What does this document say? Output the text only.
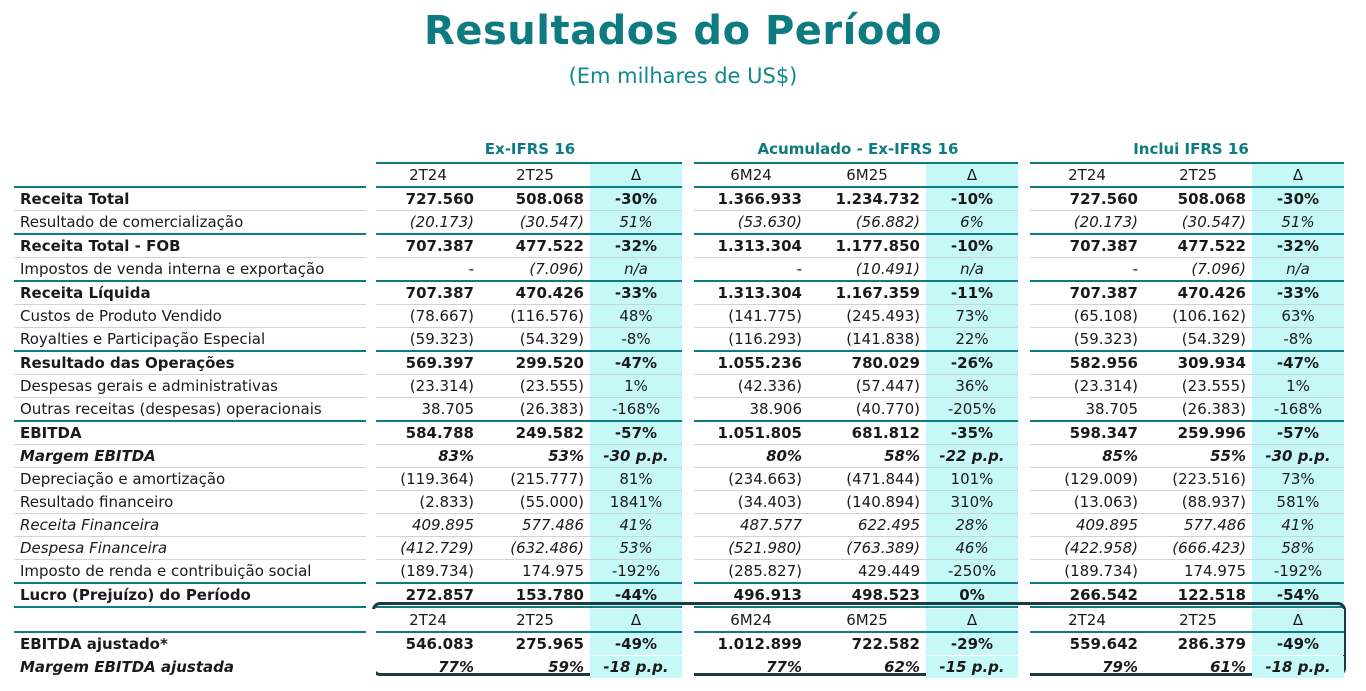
Resultados do Período
(Em milhares de US$)
Ex-IFRS 16	Acumulado - Ex-IFRS 16	Inclui IFRS 16
		2T24	2T25	Δ		6M24	6M25	Δ		2T24	2T25	Δ
Receita Total		727.560	508.068	-30%		1.366.933	1.234.732	-10%		727.560	508.068	-30%
Resultado de comercialização		(20.173)	(30.547)	51%		(53.630)	(56.882)	6%		(20.173)	(30.547)	51%
Receita Total - FOB		707.387	477.522	-32%		1.313.304	1.177.850	-10%		707.387	477.522	-32%
Impostos de venda interna e exportação		-	(7.096)	n/a		-	(10.491)	n/a		-	(7.096)	n/a
Receita Líquida		707.387	470.426	-33%		1.313.304	1.167.359	-11%		707.387	470.426	-33%
Custos de Produto Vendido		(78.667)	(116.576)	48%		(141.775)	(245.493)	73%		(65.108)	(106.162)	63%
Royalties e Participação Especial		(59.323)	(54.329)	-8%		(116.293)	(141.838)	22%		(59.323)	(54.329)	-8%
Resultado das Operações		569.397	299.520	-47%		1.055.236	780.029	-26%		582.956	309.934	-47%
Despesas gerais e administrativas		(23.314)	(23.555)	1%		(42.336)	(57.447)	36%		(23.314)	(23.555)	1%
Outras receitas (despesas) operacionais		38.705	(26.383)	-168%		38.906	(40.770)	-205%		38.705	(26.383)	-168%
EBITDA		584.788	249.582	-57%		1.051.805	681.812	-35%		598.347	259.996	-57%
Margem EBITDA		83%	53%	-30 p.p.		80%	58%	-22 p.p.		85%	55%	-30 p.p.
Depreciação e amortização		(119.364)	(215.777)	81%		(234.663)	(471.844)	101%		(129.009)	(223.516)	73%
Resultado financeiro		(2.833)	(55.000)	1841%		(34.403)	(140.894)	310%		(13.063)	(88.937)	581%
Receita Financeira		409.895	577.486	41%		487.577	622.495	28%		409.895	577.486	41%
Despesa Financeira		(412.729)	(632.486)	53%		(521.980)	(763.389)	46%		(422.958)	(666.423)	58%
Imposto de renda e contribuição social		(189.734)	174.975	-192%		(285.827)	429.449	-250%		(189.734)	174.975	-192%
Lucro (Prejuízo) do Período		272.857	153.780	-44%		496.913	498.523	0%		266.542	122.518	-54%
		2T24	2T25	Δ		6M24	6M25	Δ		2T24	2T25	Δ
EBITDA ajustado*		546.083	275.965	-49%		1.012.899	722.582	-29%		559.642	286.379	-49%
Margem EBITDA ajustada		77%	59%	-18 p.p.		77%	62%	-15 p.p.		79%	61%	-18 p.p.
